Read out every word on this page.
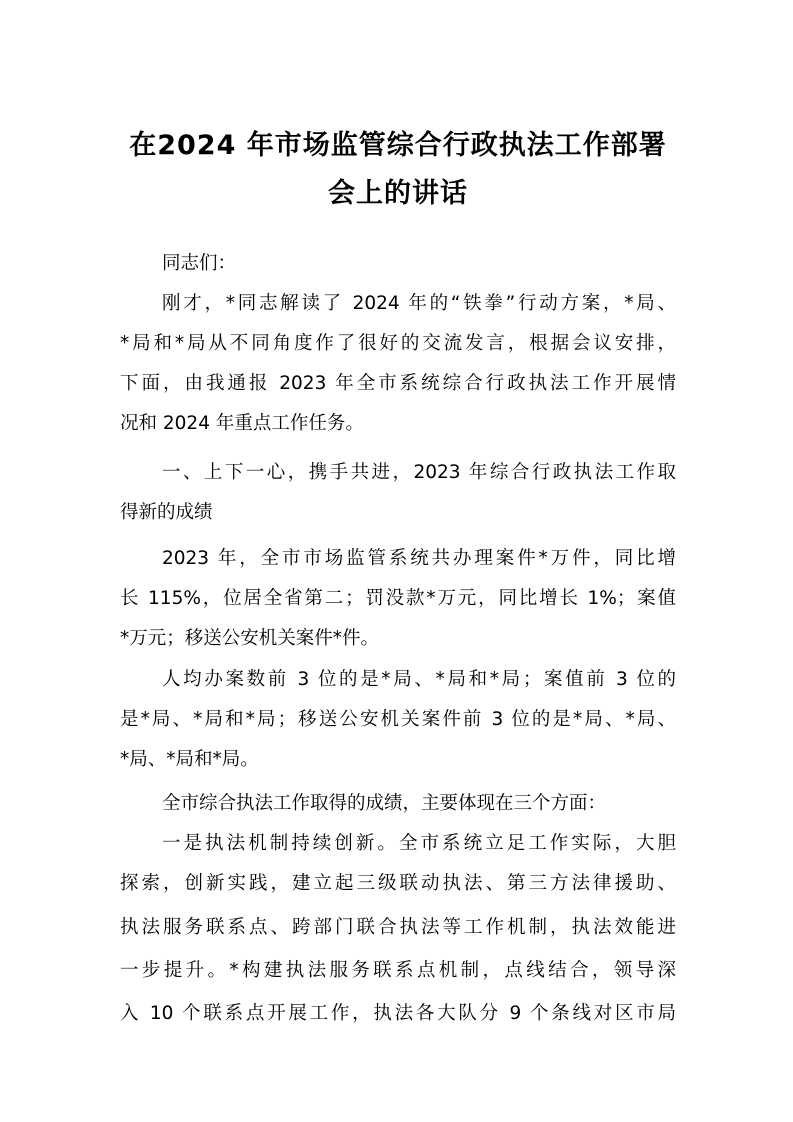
在2024 年市场监管综合行政执法工作部署
会上的讲话
同志们：
刚才，*同志解读了 2024 年的“铁拳”行动方案，*局、
*局和*局从不同角度作了很好的交流发言，根据会议安排，
下面，由我通报 2023 年全市系统综合行政执法工作开展情
况和 2024 年重点工作任务。
一、上下一心，携手共进，2023 年综合行政执法工作取
得新的成绩
2023 年，全市市场监管系统共办理案件*万件，同比增
长 115%，位居全省第二；罚没款*万元，同比增长 1%；案值
*万元；移送公安机关案件*件。
人均办案数前 3 位的是*局、*局和*局；案值前 3 位的
是*局、*局和*局；移送公安机关案件前 3 位的是*局、*局、
*局、*局和*局。
全市综合执法工作取得的成绩，主要体现在三个方面：
一是执法机制持续创新。全市系统立足工作实际，大胆
探索，创新实践，建立起三级联动执法、第三方法律援助、
执法服务联系点、跨部门联合执法等工作机制，执法效能进
一步提升。*构建执法服务联系点机制，点线结合，领导深
入 10 个联系点开展工作，执法各大队分 9 个条线对区市局
